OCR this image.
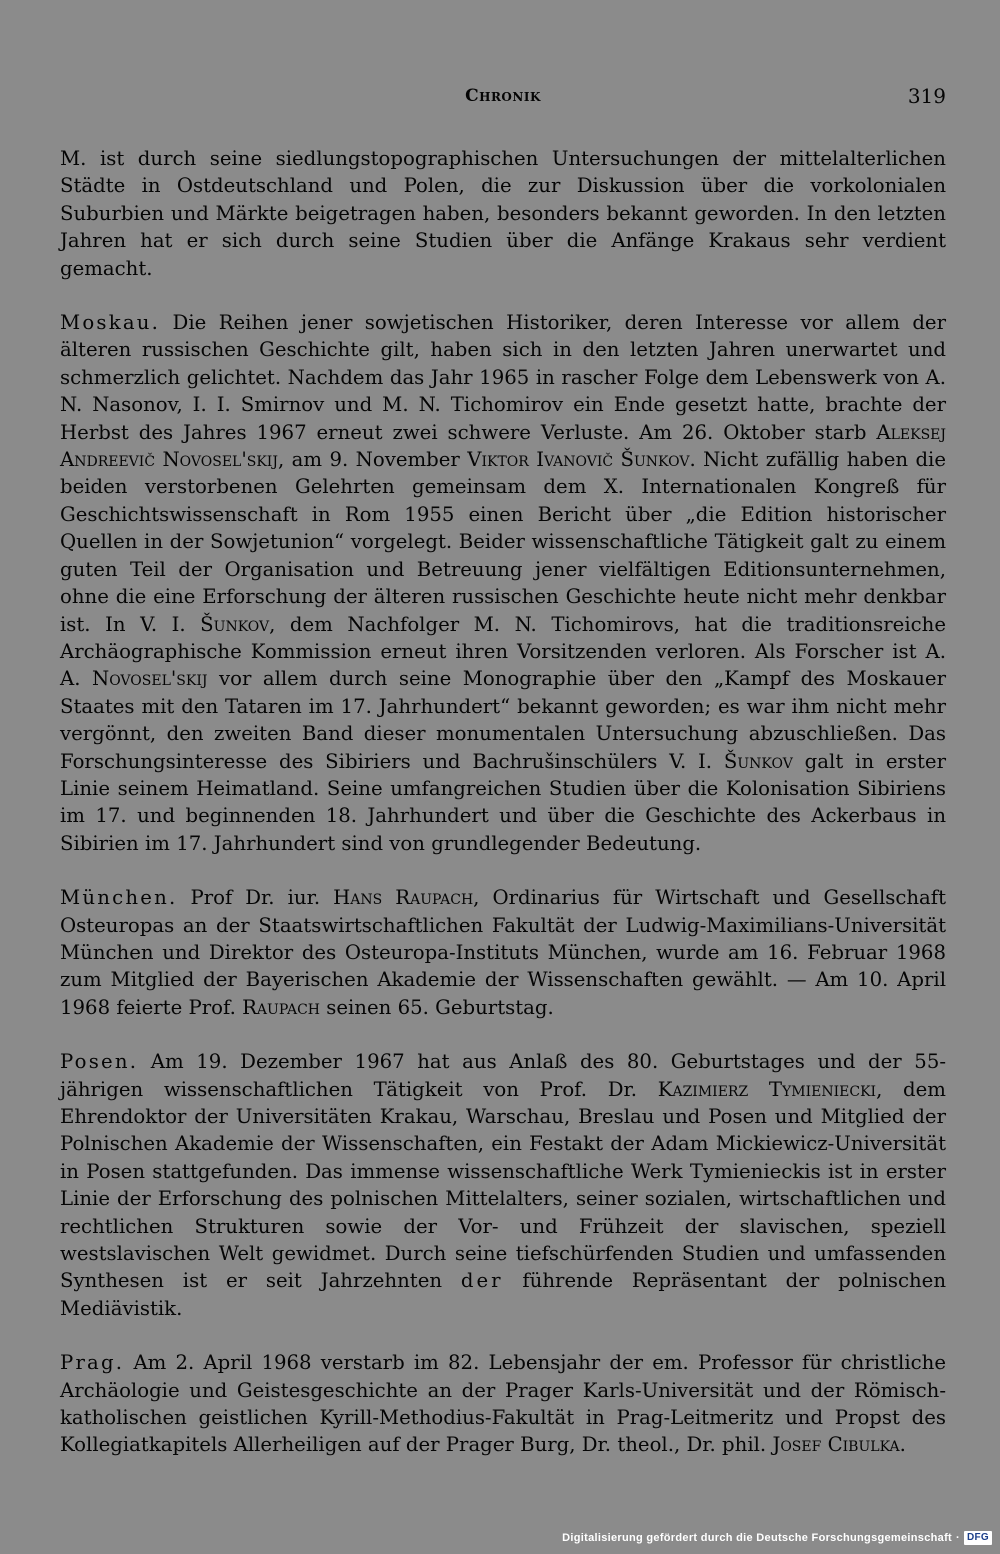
Chronik	319

M. ist durch seine siedlungstopographischen Untersuchungen der mittelalterlichen Städte in Ostdeutschland und Polen, die zur Diskussion über die vorkolonialen Suburbien und Märkte beigetragen haben, besonders bekannt geworden. In den letzten Jahren hat er sich durch seine Studien über die Anfänge Krakaus sehr verdient gemacht.

Moskau. Die Reihen jener sowjetischen Historiker, deren Interesse vor allem der älteren russischen Geschichte gilt, haben sich in den letzten Jahren unerwartet und schmerzlich gelichtet. Nachdem das Jahr 1965 in rascher Folge dem Lebenswerk von A. N. Nasonov, I. I. Smirnov und M. N. Tichomirov ein Ende gesetzt hatte, brachte der Herbst des Jahres 1967 erneut zwei schwere Verluste. Am 26. Oktober starb Aleksej Andreevič Novosel'skij, am 9. November Viktor Ivanovič Šunkov. Nicht zufällig haben die beiden verstorbenen Gelehrten gemeinsam dem X. Internationalen Kongreß für Geschichtswissenschaft in Rom 1955 einen Bericht über „die Edition historischer Quellen in der Sowjetunion“ vorgelegt. Beider wissenschaftliche Tätigkeit galt zu einem guten Teil der Organisation und Betreuung jener vielfältigen Editionsunternehmen, ohne die eine Erforschung der älteren russischen Geschichte heute nicht mehr denkbar ist. In V. I. Šunkov, dem Nachfolger M. N. Tichomirovs, hat die traditionsreiche Archäographische Kommission erneut ihren Vorsitzenden verloren. Als Forscher ist A. A. Novosel'skij vor allem durch seine Monographie über den „Kampf des Moskauer Staates mit den Tataren im 17. Jahrhundert“ bekannt geworden; es war ihm nicht mehr vergönnt, den zweiten Band dieser monumentalen Untersuchung abzuschließen. Das Forschungsinteresse des Sibiriers und Bachrušinschülers V. I. Šunkov galt in erster Linie seinem Heimatland. Seine umfangreichen Studien über die Kolonisation Sibiriens im 17. und beginnenden 18. Jahrhundert und über die Geschichte des Ackerbaus in Sibirien im 17. Jahrhundert sind von grundlegender Bedeutung.

München. Prof Dr. iur. Hans Raupach, Ordinarius für Wirtschaft und Gesellschaft Osteuropas an der Staatswirtschaftlichen Fakultät der Ludwig-Maximilians-Universität München und Direktor des Osteuropa-Instituts München, wurde am 16. Februar 1968 zum Mitglied der Bayerischen Akademie der Wissenschaften gewählt. — Am 10. April 1968 feierte Prof. Raupach seinen 65. Geburtstag.

Posen. Am 19. Dezember 1967 hat aus Anlaß des 80. Geburtstages und der 55-jährigen wissenschaftlichen Tätigkeit von Prof. Dr. Kazimierz Tymieniecki, dem Ehrendoktor der Universitäten Krakau, Warschau, Breslau und Posen und Mitglied der Polnischen Akademie der Wissenschaften, ein Festakt der Adam Mickiewicz-Universität in Posen stattgefunden. Das immense wissenschaftliche Werk Tymienieckis ist in erster Linie der Erforschung des polnischen Mittelalters, seiner sozialen, wirtschaftlichen und rechtlichen Strukturen sowie der Vor- und Frühzeit der slavischen, speziell westslavischen Welt gewidmet. Durch seine tiefschürfenden Studien und umfassenden Synthesen ist er seit Jahrzehnten der führende Repräsentant der polnischen Mediävistik.

Prag. Am 2. April 1968 verstarb im 82. Lebensjahr der em. Professor für christliche Archäologie und Geistesgeschichte an der Prager Karls-Universität und der Römisch-katholischen geistlichen Kyrill-Methodius-Fakultät in Prag-Leitmeritz und Propst des Kollegiatkapitels Allerheiligen auf der Prager Burg, Dr. theol., Dr. phil. Josef Cibulka.

Digitalisierung gefördert durch die Deutsche Forschungsgemeinschaft · DFG
